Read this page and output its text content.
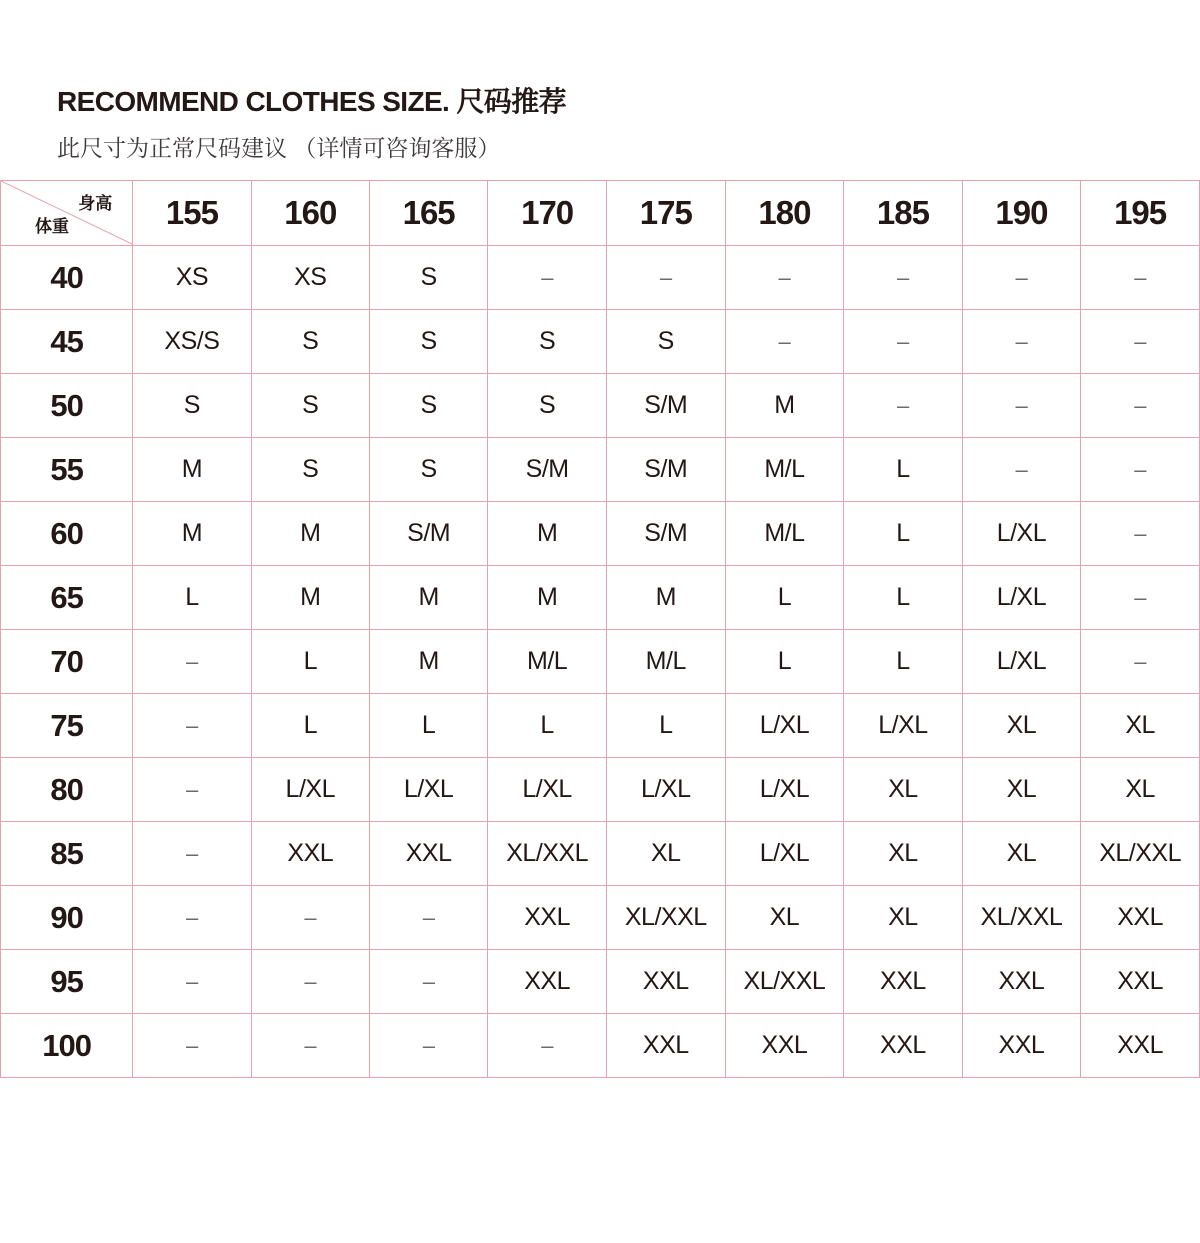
RECOMMEND CLOTHES SIZE. 尺码推荐
此尺寸为正常尺码建议 （详情可咨询客服）
身高
体重	155	160	165	170	175	180	185	190	195
40	XS	XS	S	–	–	–	–	–	–
45	XS/S	S	S	S	S	–	–	–	–
50	S	S	S	S	S/M	M	–	–	–
55	M	S	S	S/M	S/M	M/L	L	–	–
60	M	M	S/M	M	S/M	M/L	L	L/XL	–
65	L	M	M	M	M	L	L	L/XL	–
70	–	L	M	M/L	M/L	L	L	L/XL	–
75	–	L	L	L	L	L/XL	L/XL	XL	XL
80	–	L/XL	L/XL	L/XL	L/XL	L/XL	XL	XL	XL
85	–	XXL	XXL	XL/XXL	XL	L/XL	XL	XL	XL/XXL
90	–	–	–	XXL	XL/XXL	XL	XL	XL/XXL	XXL
95	–	–	–	XXL	XXL	XL/XXL	XXL	XXL	XXL
100	–	–	–	–	XXL	XXL	XXL	XXL	XXL
